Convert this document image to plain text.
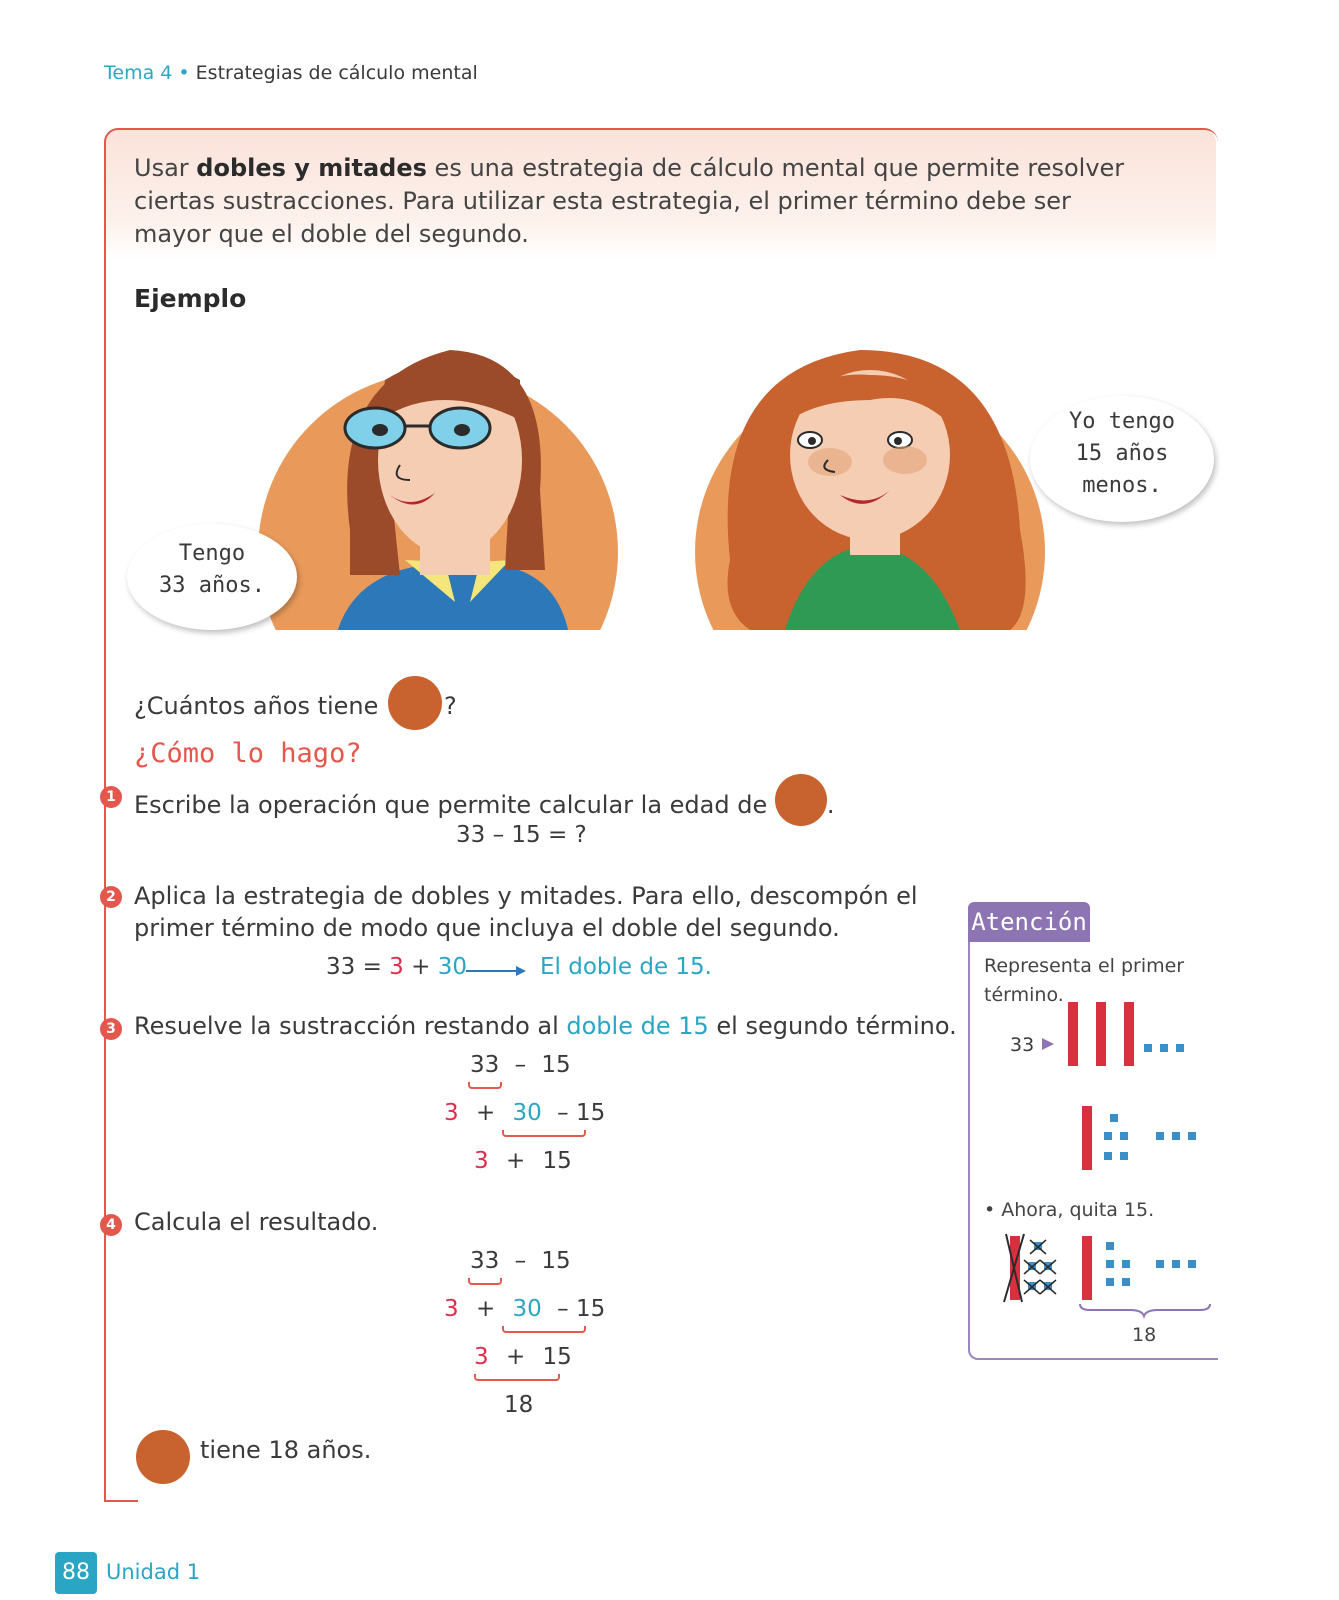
Tema 4 • Estrategias de cálculo mental
Usar dobles y mitades es una estrategia de cálculo mental que permite resolver ciertas sustracciones. Para utilizar esta estrategia, el primer término debe ser mayor que el doble del segundo.
Ejemplo
Tengo
33 años.
Yo tengo
15 años
menos.
¿Cuántos años tiene	?
¿Cómo lo hago?
1 Escribe la operación que permite calcular la edad de .
33 – 15 = ?
2 Aplica la estrategia de dobles y mitades. Para ello, descompón el primer término de modo que incluya el doble del segundo.
33 = 3 + 30	El doble de 15.
3 Resuelve la sustracción restando al doble de 15 el segundo término.
33 – 15
3 + 30 – 15
3 + 15
4 Calcula el resultado.
33 – 15
3 + 30 – 15
3 + 15
18
tiene 18 años.
Atención
Representa el primer término.
33
• Ahora, quita 15.
18
88 Unidad 1
